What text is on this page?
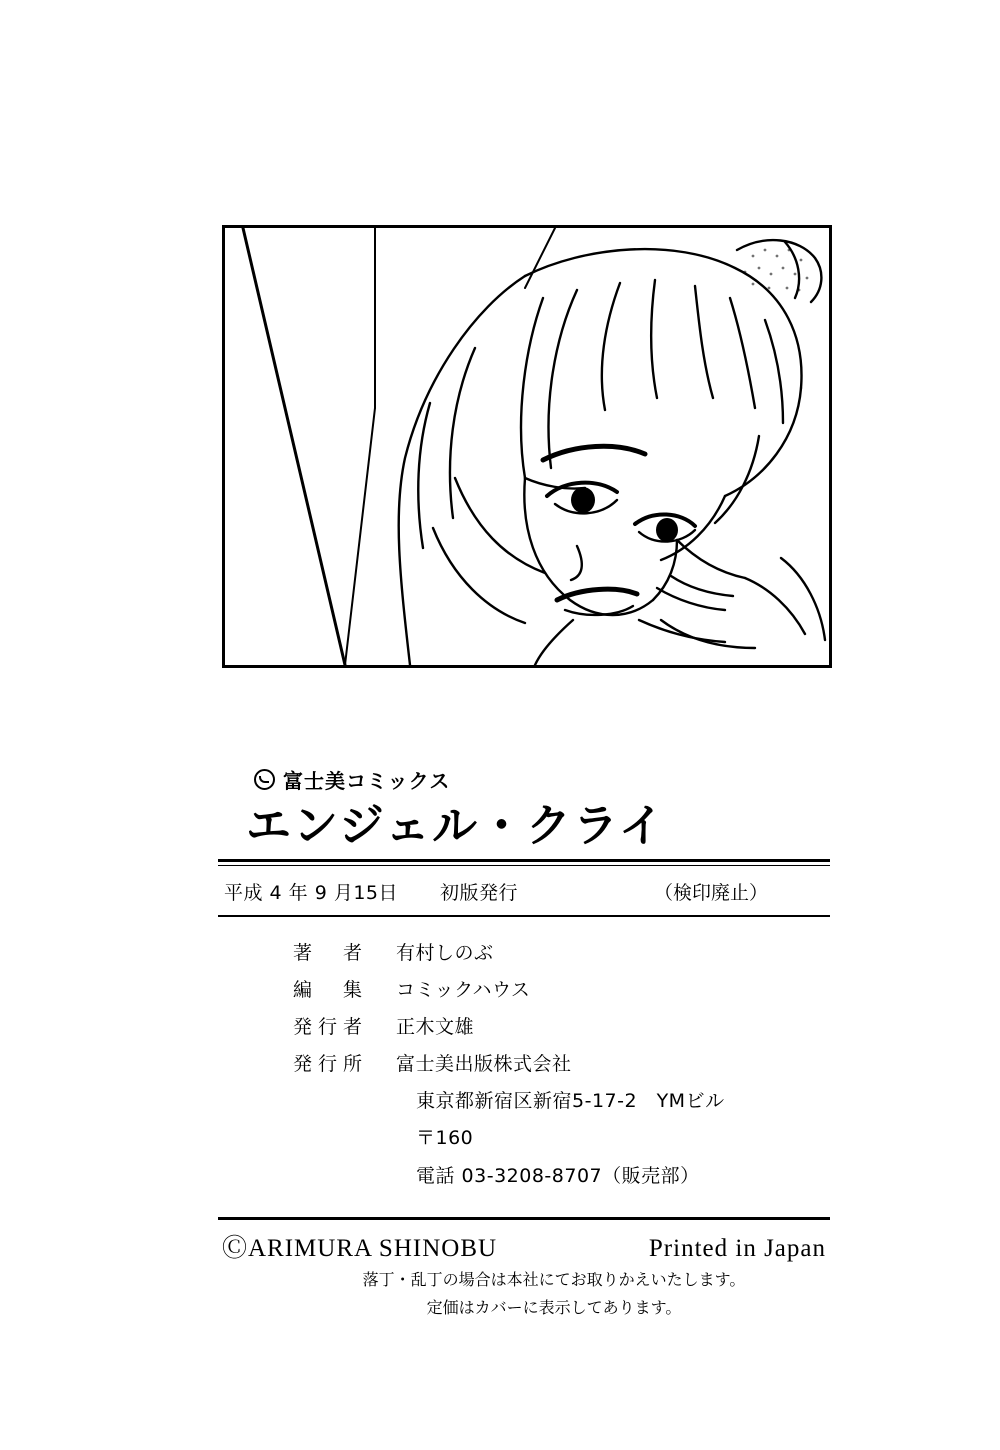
富士美コミックス
エンジェル・クライ
平成 4 年 9 月15日 初版発行	（検印廃止）
著　者	有村しのぶ
編　集	コミックハウス
発行者	正木文雄
発行所	富士美出版株式会社
東京都新宿区新宿5-17-2　YMビル
〒160
電話 03-3208-8707（販売部）
ⒸARIMURA SHINOBU	Printed in Japan
落丁・乱丁の場合は本社にてお取りかえいたします。
定価はカバーに表示してあります。
